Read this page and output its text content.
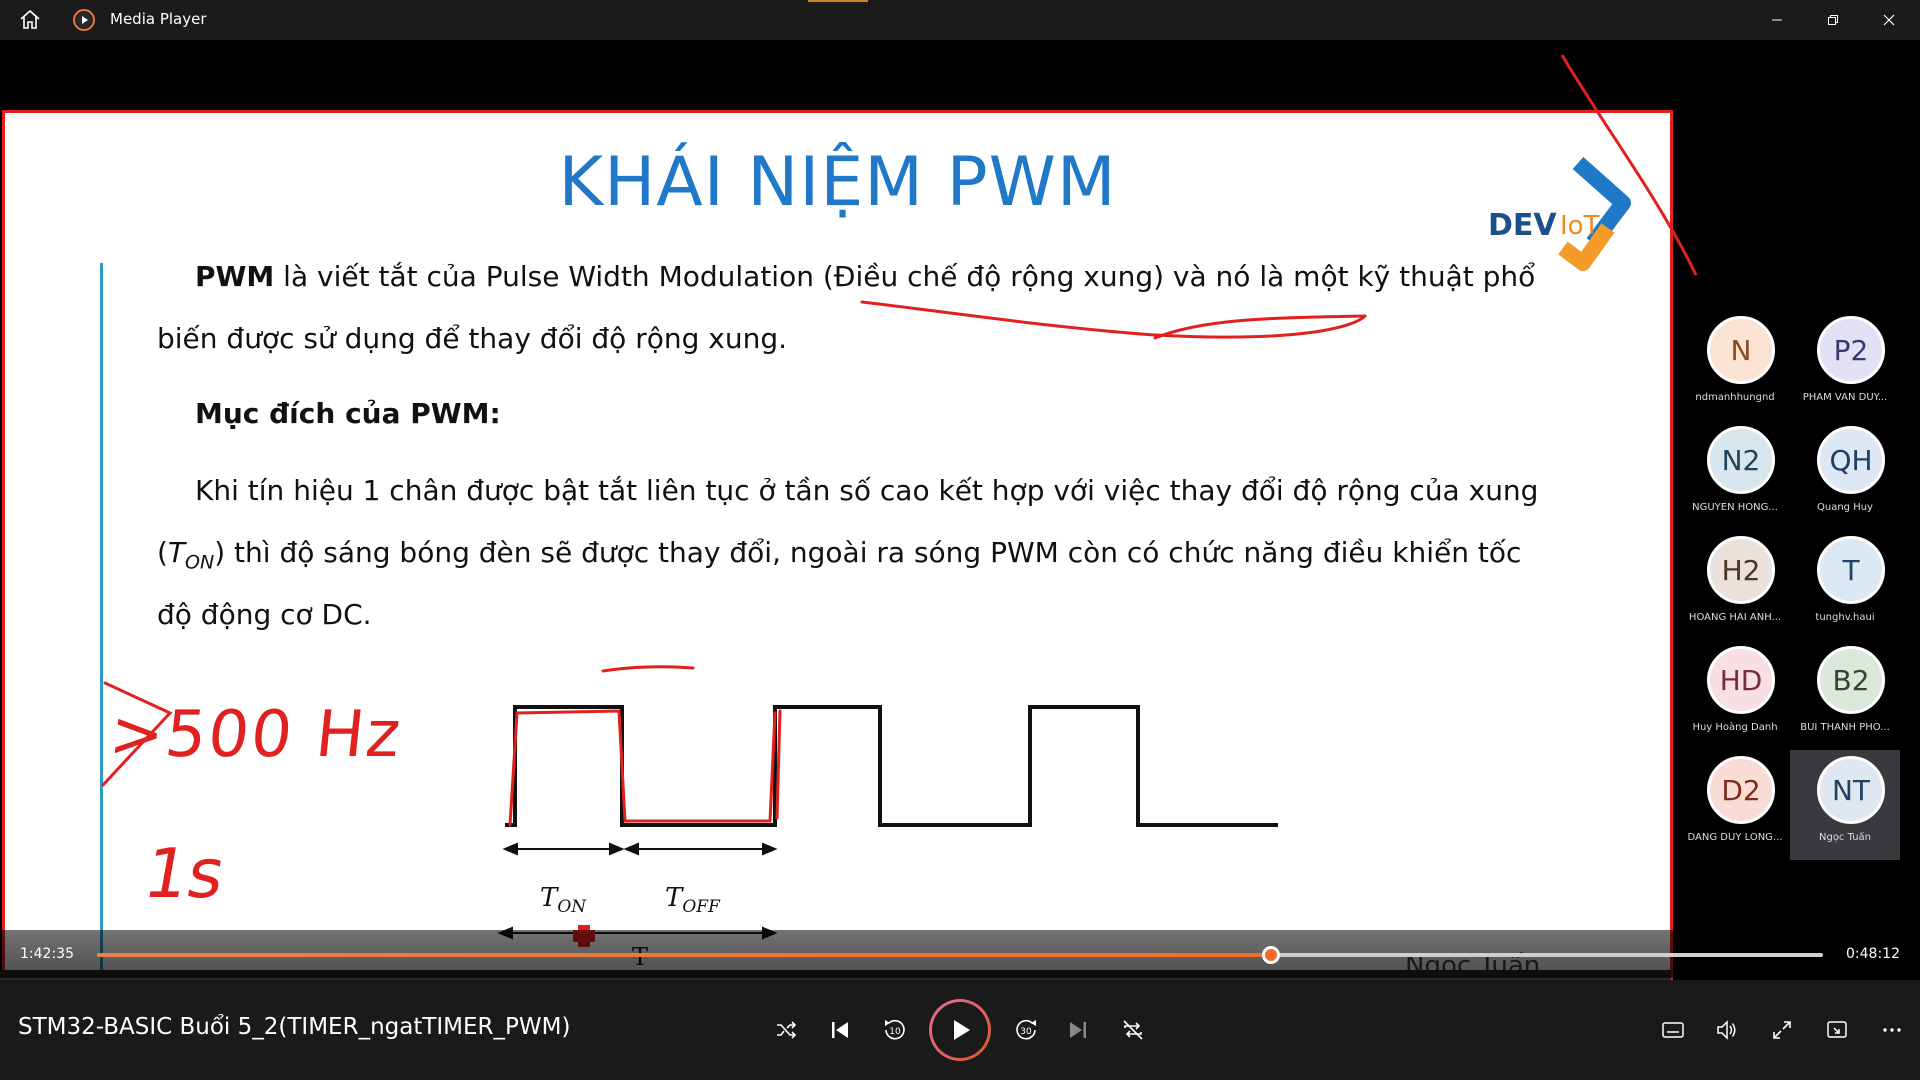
Media Player
KHÁI NIỆM PWM
DEV IoT
PWM là viết tắt của Pulse Width Modulation (Điều chế độ rộng xung) và nó là một kỹ thuật phổ
biến được sử dụng để thay đổi độ rộng xung.
Mục đích của PWM:
Khi tín hiệu 1 chân được bật tắt liên tục ở tần số cao kết hợp với việc thay đổi độ rộng của xung
$(T_{ON})$ thì độ sáng bóng đèn sẽ được thay đổi, ngoài ra sóng PWM còn có chức năng điều khiển tốc
độ động cơ DC.
$T_{ON}$	$T_{OFF}$
>500 Hz
1s
N
ndmanhhungnd
P2
PHAM VAN DUY...
N2
NGUYEN HONG...
QH
Quang Huy
H2
HOANG HAI ANH...
T
tunghv.haui
HD
Huy Hoàng Danh
B2
BUI THANH PHO...
D2
DANG DUY LONG...
NT
Ngọc Tuấn
1:42:35	0:48:12
STM32-BASIC Buổi 5_2(TIMER_ngatTIMER_PWM)	10	30
